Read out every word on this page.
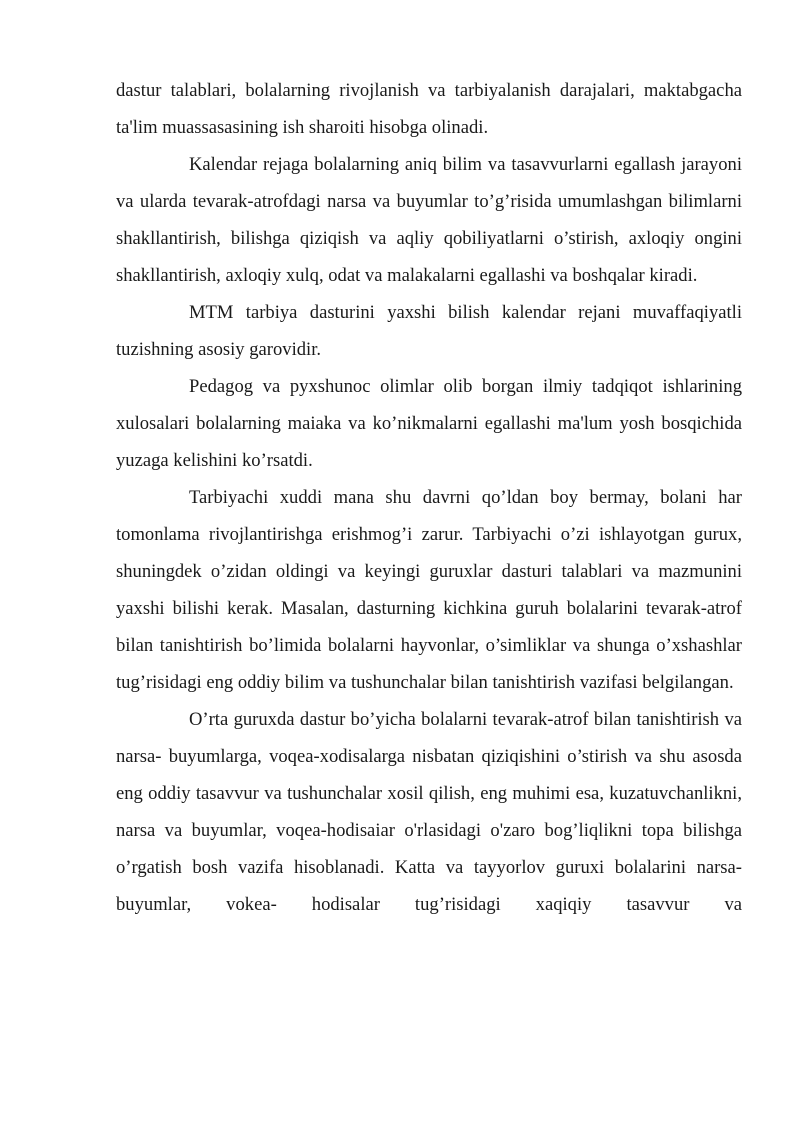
dastur talablari, bolalarning rivojlanish va tarbiyalanish darajalari, maktabgacha ta'lim muassasasining ish sharoiti hisobga olinadi.

Kalendar rejaga bolalarning aniq bilim va tasavvurlarni egallash jarayoni va ularda tevarak-atrofdagi narsa va buyumlar to’g’risida umumlashgan bilimlarni shakllantirish, bilishga qiziqish va aqliy qobiliyatlarni o’stirish, axloqiy ongini shakllantirish, axloqiy xulq, odat va malakalarni egallashi va boshqalar kiradi.

MTM tarbiya dasturini yaxshi bilish kalendar rejani muvaffaqiyatli tuzishning asosiy garovidir.

Pedagog va pyxshunoc olimlar olib borgan ilmiy tadqiqot ishlarining xulosalari bolalarning maiaka va ko’nikmalarni egallashi ma'lum yosh bosqichida yuzaga kelishini ko’rsatdi.

Tarbiyachi xuddi mana shu davrni qo’ldan boy bermay, bolani har tomonlama rivojlantirishga erishmog’i zarur. Tarbiyachi o’zi ishlayotgan gurux, shuningdek o’zidan oldingi va keyingi guruxlar dasturi talablari va mazmunini yaxshi bilishi kerak. Masalan, dasturning kichkina guruh bolalarini tevarak-atrof bilan tanishtirish bo’limida bolalarni hayvonlar, o’simliklar va shunga o’xshashlar tug’risidagi eng oddiy bilim va tushunchalar bilan tanishtirish vazifasi belgilangan.

O’rta guruxda dastur bo’yicha bolalarni tevarak-atrof bilan tanishtirish va narsa- buyumlarga, voqea-xodisalarga nisbatan qiziqishini o’stirish va shu asosda eng oddiy tasavvur va tushunchalar xosil qilish, eng muhimi esa, kuzatuvchanlikni, narsa va buyumlar, voqea-hodisaiar o'rlasidagi o'zaro bog’liqlikni topa bilishga o’rgatish bosh vazifa hisoblanadi. Katta va tayyorlov guruxi bolalarini narsa-buyumlar, vokea- hodisalar tug’risidagi xaqiqiy tasavvur va
